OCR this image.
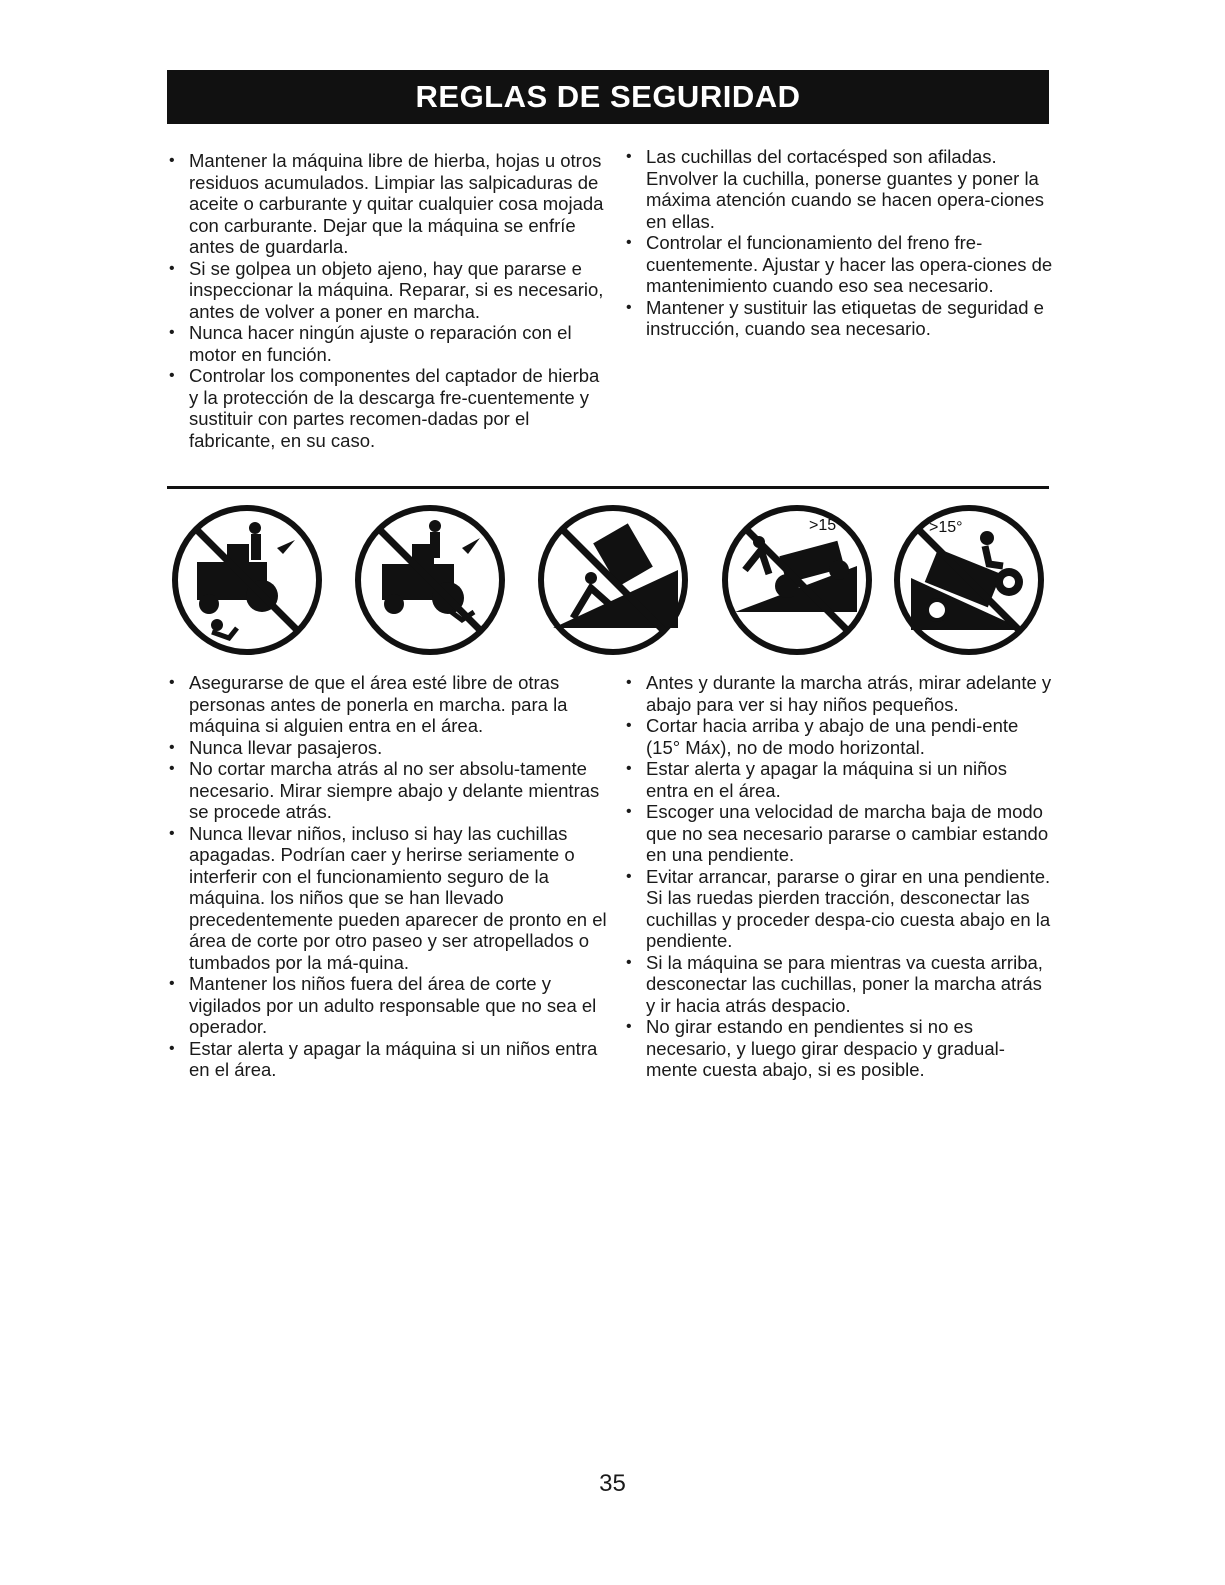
REGLAS DE SEGURIDAD
• Mantener la máquina libre de hierba, hojas u otros residuos acumulados. Limpiar las salpicaduras de aceite o carburante y quitar cualquier cosa mojada con carburante. Dejar que la máquina se enfríe antes de guardarla.
• Si se golpea un objeto ajeno, hay que pararse e inspeccionar la máquina. Reparar, si es necesario, antes de volver a poner en marcha.
• Nunca hacer ningún ajuste o reparación con el motor en función.
• Controlar los componentes del captador de hierba y la protección de la descarga fre-cuentemente y sustituir con partes recomen-dadas por el fabricante, en su caso.
• Las cuchillas del cortacésped son afiladas. Envolver la cuchilla, ponerse guantes y poner la máxima atención cuando se hacen opera-ciones en ellas.
• Controlar el funcionamiento del freno fre-cuentemente. Ajustar y hacer las opera-ciones de mantenimiento cuando eso sea necesario.
• Mantener y sustituir las etiquetas de seguridad e instrucción, cuando sea necesario.
>15°	>15°
• Asegurarse de que el área esté libre de otras personas antes de ponerla en marcha. para la máquina si alguien entra en el área.
• Nunca llevar pasajeros.
• No cortar marcha atrás al no ser absolu-tamente necesario. Mirar siempre abajo y delante mientras se procede atrás.
• Nunca llevar niños, incluso si hay las cuchillas apagadas. Podrían caer y herirse seriamente o interferir con el funcionamiento seguro de la máquina. los niños que se han llevado precedentemente pueden aparecer de pronto en el área de corte por otro paseo y ser atropellados o tumbados por la má-quina.
• Mantener los niños fuera del área de corte y vigilados por un adulto responsable que no sea el operador.
• Estar alerta y apagar la máquina si un niños entra en el área.
• Antes y durante la marcha atrás, mirar adelante y abajo para ver si hay niños pequeños.
• Cortar hacia arriba y abajo de una pendi-ente (15° Máx), no de modo horizontal.
• Estar alerta y apagar la máquina si un niños entra en el área.
• Escoger una velocidad de marcha baja de modo que no sea necesario pararse o cambiar estando en una pendiente.
• Evitar arrancar, pararse o girar en una pendiente. Si las ruedas pierden tracción, desconectar las cuchillas y proceder despa-cio cuesta abajo en la pendiente.
• Si la máquina se para mientras va cuesta arriba, desconectar las cuchillas, poner la marcha atrás y ir hacia atrás despacio.
• No girar estando en pendientes si no es necesario, y luego girar despacio y gradual-mente cuesta abajo, si es posible.
35
